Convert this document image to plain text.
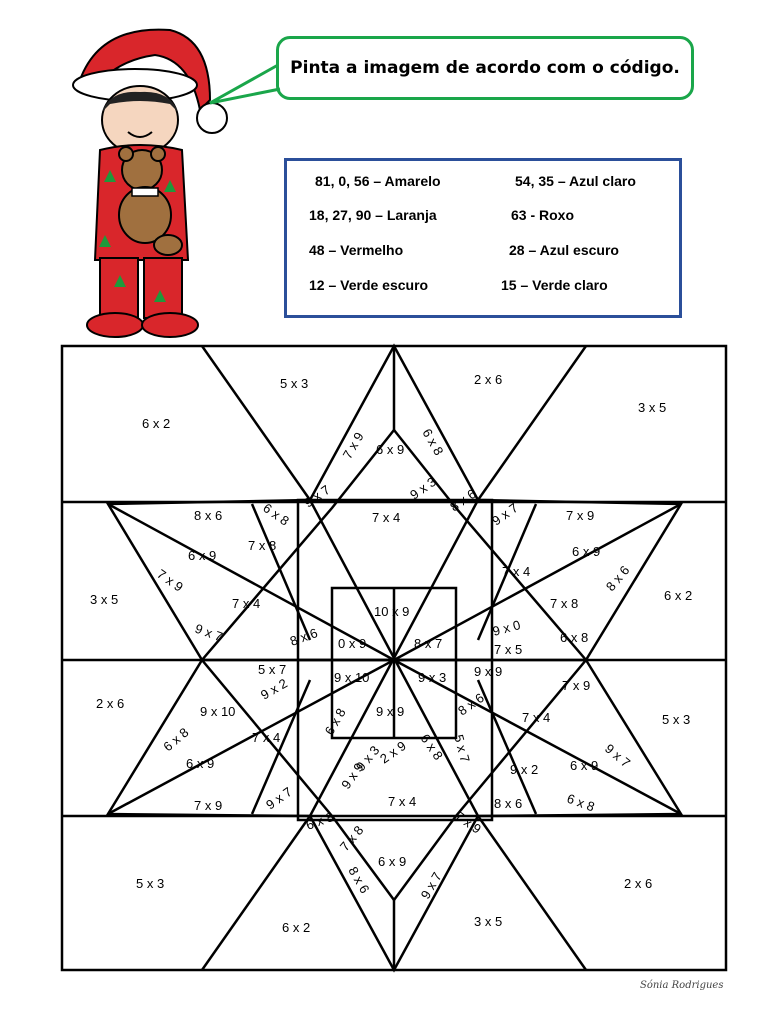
Pinta a imagem de acordo com o código.
81, 0, 56 – Amarelo	54, 35 – Azul claro
18, 27, 90 – Laranja	63 - Roxo
48 – Vermelho	28 – Azul escuro
12 – Verde escuro	15 – Verde claro
6 x 2
5 x 3	2 x 6
3 x 5
3 x 5	6 x 2
2 x 6
5 x 3
5 x 3
6 x 2	3 x 5
2 x 6
10 x 9
0 x 9	8 x 7
9 x 10	9 x 3
9 x 9
7 x 9 6 x 9 6 x 8
9 x 7	9 x 3 8 x 6
7 x 4
8 x 6	6 x 8
6 x 9
7 x 8
7 x 9
7 x 4
9 x 7
9 x 7	7 x 9
6 x 9
7 x 4	8 x 6
7 x 8
6 x 8
9 x 0
7 x 5
8 x 6
9 x 10
5 x 7
9 x 2
6 x 8
6 x 9
7 x 4
7 x 9	9 x 7
9 x 9
7 x 9
7 x 4
9 x 7
9 x 2 6 x 9
8 x 6	6 x 8
6 x 8
7 x 8
7 x 4
6 x 9
8 x 6	9 x 7
7 x 9
9 x 3
9 x 9
6 x 8
2 x 9
8 x 6
5 x 7
6 x 8
Sónia Rodrigues
